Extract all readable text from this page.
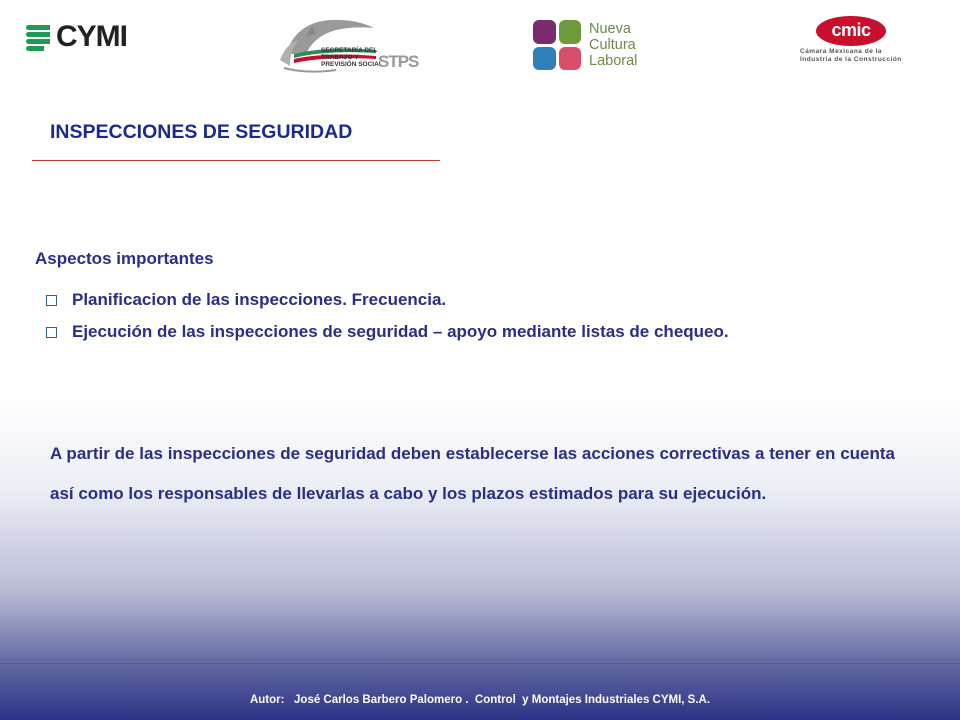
CYMI	SECRETARÍA DEL
TRABAJO Y
PREVISIÓN SOCIAL
STPS
Nueva
Cultura
Laboral
cmic
Cámara Mexicana de la
Industria de la Construcción
INSPECCIONES DE SEGURIDAD
Aspectos importantes
Planificacion de las inspecciones. Frecuencia.
Ejecución de las inspecciones de seguridad – apoyo mediante listas de chequeo.

A partir de las inspecciones de seguridad deben establecerse las acciones correctivas a tener en cuenta así como los responsables de llevarlas a cabo y los plazos estimados para su ejecución.

Autor:   José Carlos Barbero Palomero .  Control  y Montajes Industriales CYMI, S.A.
